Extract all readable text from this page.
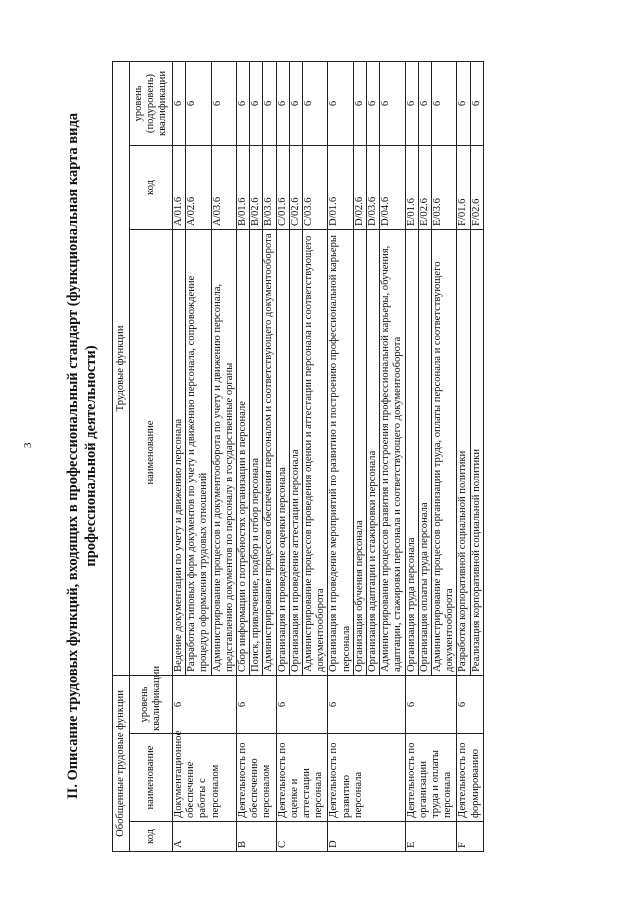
3 II. Описание трудовых функций, входящих в профессиональный стандарт (функциональная карта вида профессиональной деятельности)
Обобщенные трудовые функции			Трудовые функции		
код	наименование	уровень квалификации	наименование	код	уровень (подуровень) квалификации
A	Документационное обеспечение работы с персоналом	6	Ведение документации по учету и движению персонала	A/01.6	6
			Разработка типовых форм документов по учету и движению персонала, сопровождение процедур оформления трудовых отношений	A/02.6	6
			Администрирование процессов и документооборота по учету и движению персонала, представлению документов по персоналу в государственные органы	A/03.6	6
B	Деятельность по обеспечению персоналом	6	Сбор информации о потребностях организации в персонале	B/01.6	6
			Поиск, привлечение, подбор и отбор персонала	B/02.6	6
			Администрирование процессов обеспечения персоналом и соответствующего документооборота	B/03.6	6
C	Деятельность по оценке и аттестации персонала	6	Организация и проведение оценки персонала	C/01.6	6
			Организация и проведение аттестации персонала	C/02.6	6
			Администрирование процессов проведения оценки и аттестации персонала и соответствующего документооборота	C/03.6	6
D	Деятельность по развитию персонала	6	Организация и проведение мероприятий по развитию и построению профессиональной карьеры персонала	D/01.6	6
			Организация обучения персонала	D/02.6	6
			Организация адаптации и стажировки персонала	D/03.6	6
			Администрирование процессов развития и построения профессиональной карьеры, обучения, адаптации, стажировки персонала и соответствующего документооборота	D/04.6	6
E	Деятельность по организации труда и оплаты персонала	6	Организация труда персонала	E/01.6	6
			Организация оплаты труда персонала	E/02.6	6
			Администрирование процессов организации труда, оплаты персонала и соответствующего документооборота	E/03.6	6
F	Деятельность по формированию	6	Разработка корпоративной социальной политики	F/01.6	6
			Реализация корпоративной социальной политики	F/02.6	6
